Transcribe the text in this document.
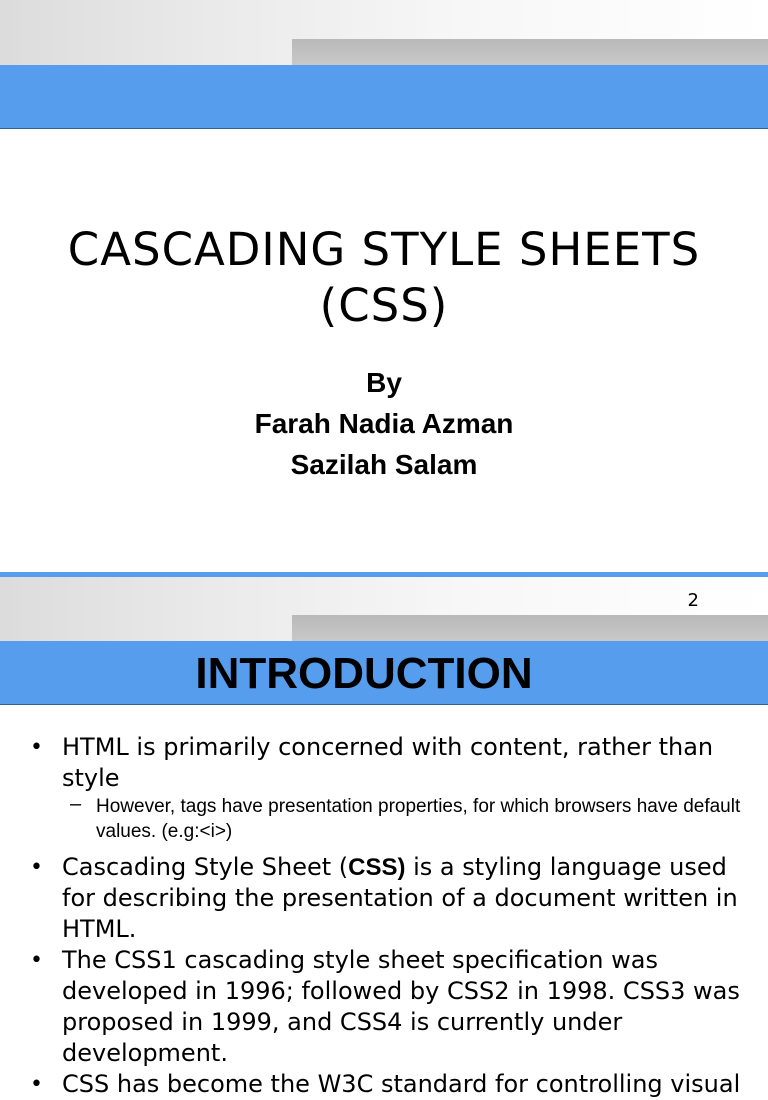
CASCADING STYLE SHEETS
(CSS)
By
Farah Nadia Azman
Sazilah Salam
2
INTRODUCTION
• HTML is primarily concerned with content, rather than style
– However, tags have presentation properties, for which browsers have default values. (e.g:<i>)
• Cascading Style Sheet (CSS) is a styling language used for describing the presentation of a document written in HTML.
• The CSS1 cascading style sheet specification was developed in 1996; followed by CSS2 in 1998. CSS3 was proposed in 1999, and CSS4 is currently under development.
• CSS has become the W3C standard for controlling visual
